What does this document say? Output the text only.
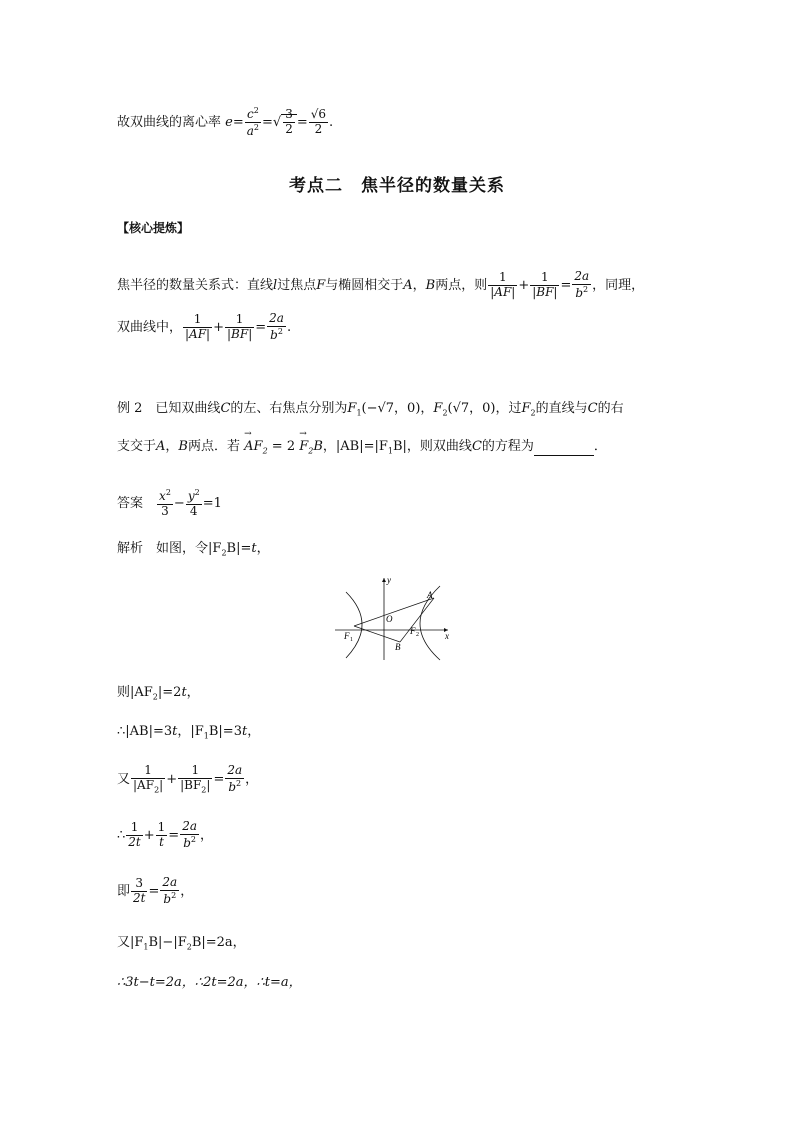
故双曲线的离心率 $e= \frac{c^2}{a^2}$ =√ $\frac{3}{2} = \frac{√6}{2}$ .
考点二　焦半径的数量关系
【核心提炼】
焦半径的数量关系式：直线l过焦点F与椭圆相交于A，B两点，则 $\frac{1}{|AF|} + \frac{1}{|BF|} = \frac{2a}{b^2}$ ，同理，
双曲线中， $\frac{1}{|AF|} + \frac{1}{|BF|} = \frac{2a}{b^2}$ .
例 2　 已知双曲线C的左、右焦点分别为$F_1(-√7$，0)，$F_2(√7$，0)，过$F_2$的直线与C的右
支交于A，B两点．若 → $AF_2 = 2 \to F_2B$，$|AB|=|F_1B|$，则双曲线C的方程为	．
答案　 $\frac{x^2}{3} - \frac{y^2}{4} =1$
解析　 如图，令$|F_2B|=t$，
y
x
A
B
O
F 1
F 2
则$|AF_2|=2t$，
∴|AB|=3t，$|F_1B|=3t$，
又 $\frac{1}{|AF_2|} + \frac{1}{|BF_2|} = \frac{2a}{b^2}$ ，
∴ $\frac{1}{2t} + \frac{1}{t} = \frac{2a}{b^2}$ ，
即 $\frac{3}{2t} = \frac{2a}{b^2}$ ，
又$|F_1B|-|F_2B|=2a$，
∴3t−t=2a，∴2t=2a，∴t=a，
